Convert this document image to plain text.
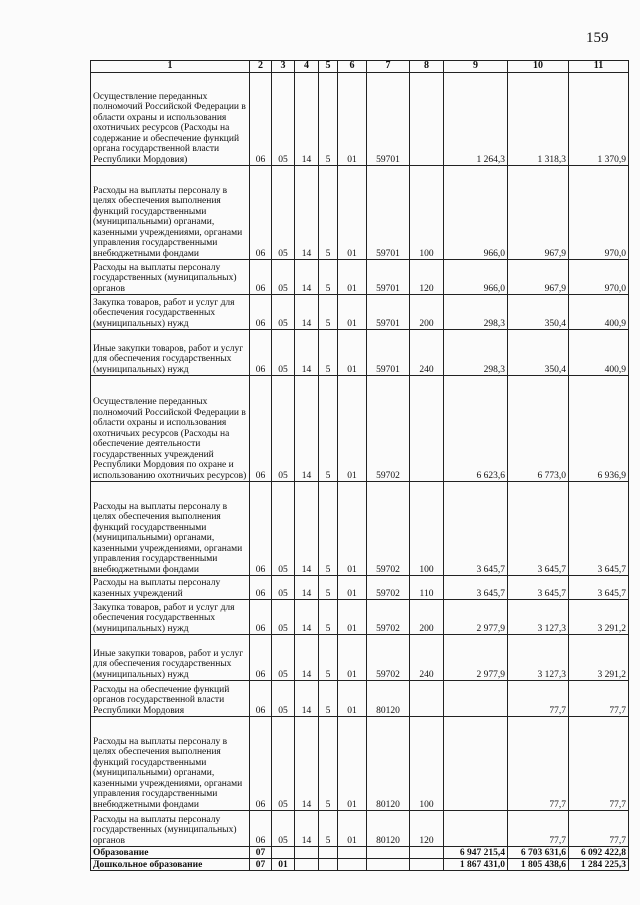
159
1	2	3	4	5	6	7	8	9	10	11
Осуществление переданных полномочий Российской Федерации в области охраны и использования охотничьих ресурсов (Расходы на содержание и обеспечение функций органа государственной власти Республики Мордовия)	06	05	14	5	01	59701		1 264,3	1 318,3	1 370,9
Расходы на выплаты персоналу в целях обеспечения выполнения функций государственными (муниципальными) органами, казенными учреждениями, органами управления государственными внебюджетными фондами	06	05	14	5	01	59701	100	966,0	967,9	970,0
Расходы на выплаты персоналу государственных (муниципальных) органов	06	05	14	5	01	59701	120	966,0	967,9	970,0
Закупка товаров, работ и услуг для обеспечения государственных (муниципальных) нужд	06	05	14	5	01	59701	200	298,3	350,4	400,9
Иные закупки товаров, работ и услуг для обеспечения государственных (муниципальных) нужд	06	05	14	5	01	59701	240	298,3	350,4	400,9
Осуществление переданных полномочий Российской Федерации в области охраны и использования охотничьих ресурсов (Расходы на обеспечение деятельности государственных учреждений Республики Мордовия по охране и использованию охотничьих ресурсов)	06	05	14	5	01	59702		6 623,6	6 773,0	6 936,9
Расходы на выплаты персоналу в целях обеспечения выполнения функций государственными (муниципальными) органами, казенными учреждениями, органами управления государственными внебюджетными фондами	06	05	14	5	01	59702	100	3 645,7	3 645,7	3 645,7
Расходы на выплаты персоналу казенных учреждений	06	05	14	5	01	59702	110	3 645,7	3 645,7	3 645,7
Закупка товаров, работ и услуг для обеспечения государственных (муниципальных) нужд	06	05	14	5	01	59702	200	2 977,9	3 127,3	3 291,2
Иные закупки товаров, работ и услуг для обеспечения государственных (муниципальных) нужд	06	05	14	5	01	59702	240	2 977,9	3 127,3	3 291,2
Расходы на обеспечение функций органов государственной власти Республики Мордовия	06	05	14	5	01	80120			77,7	77,7
Расходы на выплаты персоналу в целях обеспечения выполнения функций государственными (муниципальными) органами, казенными учреждениями, органами управления государственными внебюджетными фондами	06	05	14	5	01	80120	100		77,7	77,7
Расходы на выплаты персоналу государственных (муниципальных) органов	06	05	14	5	01	80120	120		77,7	77,7
Образование	07							6 947 215,4	6 703 631,6	6 092 422,8
Дошкольное образование	07	01						1 867 431,0	1 805 438,6	1 284 225,3
